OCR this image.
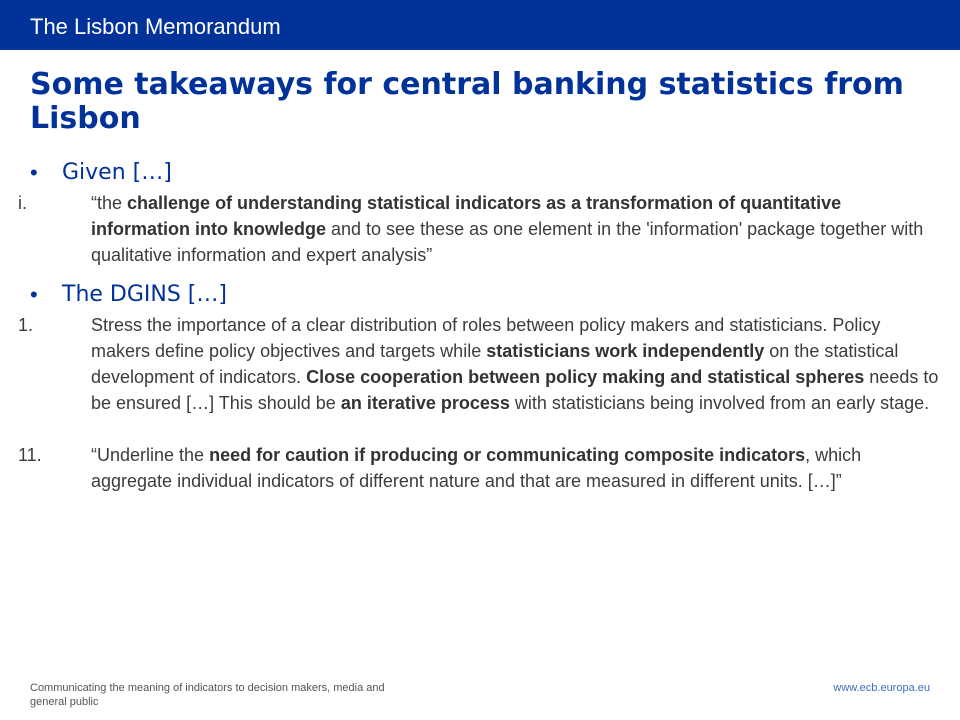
The Lisbon Memorandum
Some takeaways for central banking statistics from Lisbon
• Given […]
i.	“the challenge of understanding statistical indicators as a transformation of quantitative information into knowledge and to see these as one element in the 'information' package together with qualitative information and expert analysis”
• The DGINS […]
1.	Stress the importance of a clear distribution of roles between policy makers and statisticians. Policy makers define policy objectives and targets while statisticians work independently on the statistical development of indicators. Close cooperation between policy making and statistical spheres needs to be ensured […] This should be an iterative process with statisticians being involved from an early stage.
11.	“Underline the need for caution if producing or communicating composite indicators, which aggregate individual indicators of different nature and that are measured in different units. […]”
Communicating the meaning of indicators to decision makers, media and general public
www.ecb.europa.eu
